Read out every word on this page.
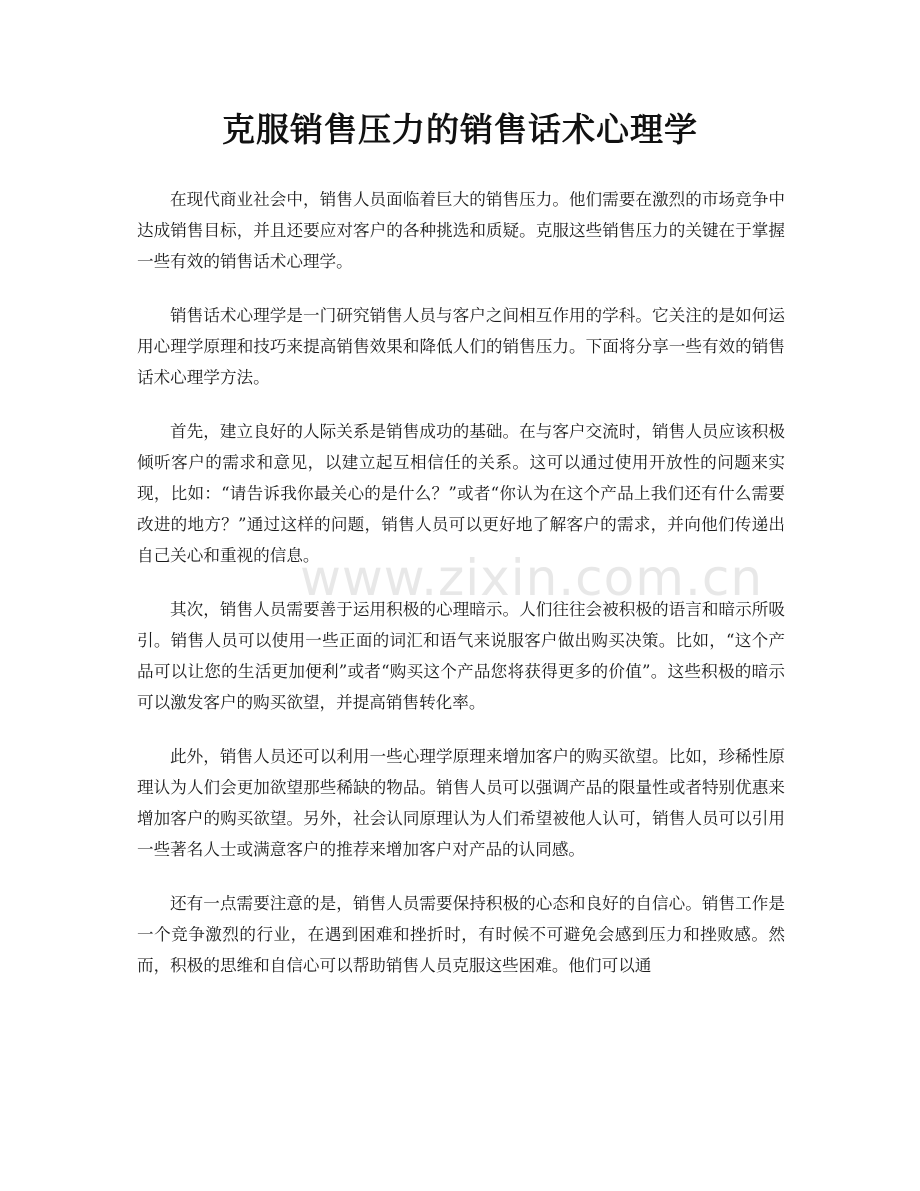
克服销售压力的销售话术心理学

在现代商业社会中，销售人员面临着巨大的销售压力。他们需要在激烈的市场竞争中达成销售目标，并且还要应对客户的各种挑选和质疑。克服这些销售压力的关键在于掌握一些有效的销售话术心理学。

销售话术心理学是一门研究销售人员与客户之间相互作用的学科。它关注的是如何运用心理学原理和技巧来提高销售效果和降低人们的销售压力。下面将分享一些有效的销售话术心理学方法。

首先，建立良好的人际关系是销售成功的基础。在与客户交流时，销售人员应该积极倾听客户的需求和意见，以建立起互相信任的关系。这可以通过使用开放性的问题来实现，比如：“请告诉我你最关心的是什么？”或者“你认为在这个产品上我们还有什么需要改进的地方？”通过这样的问题，销售人员可以更好地了解客户的需求，并向他们传递出自己关心和重视的信息。

其次，销售人员需要善于运用积极的心理暗示。人们往往会被积极的语言和暗示所吸引。销售人员可以使用一些正面的词汇和语气来说服客户做出购买决策。比如，“这个产品可以让您的生活更加便利”或者“购买这个产品您将获得更多的价值”。这些积极的暗示可以激发客户的购买欲望，并提高销售转化率。

此外，销售人员还可以利用一些心理学原理来增加客户的购买欲望。比如，珍稀性原理认为人们会更加欲望那些稀缺的物品。销售人员可以强调产品的限量性或者特别优惠来增加客户的购买欲望。另外，社会认同原理认为人们希望被他人认可，销售人员可以引用一些著名人士或满意客户的推荐来增加客户对产品的认同感。

还有一点需要注意的是，销售人员需要保持积极的心态和良好的自信心。销售工作是一个竞争激烈的行业，在遇到困难和挫折时，有时候不可避免会感到压力和挫败感。然而，积极的思维和自信心可以帮助销售人员克服这些困难。他们可以通

www.zixin.com.cn
